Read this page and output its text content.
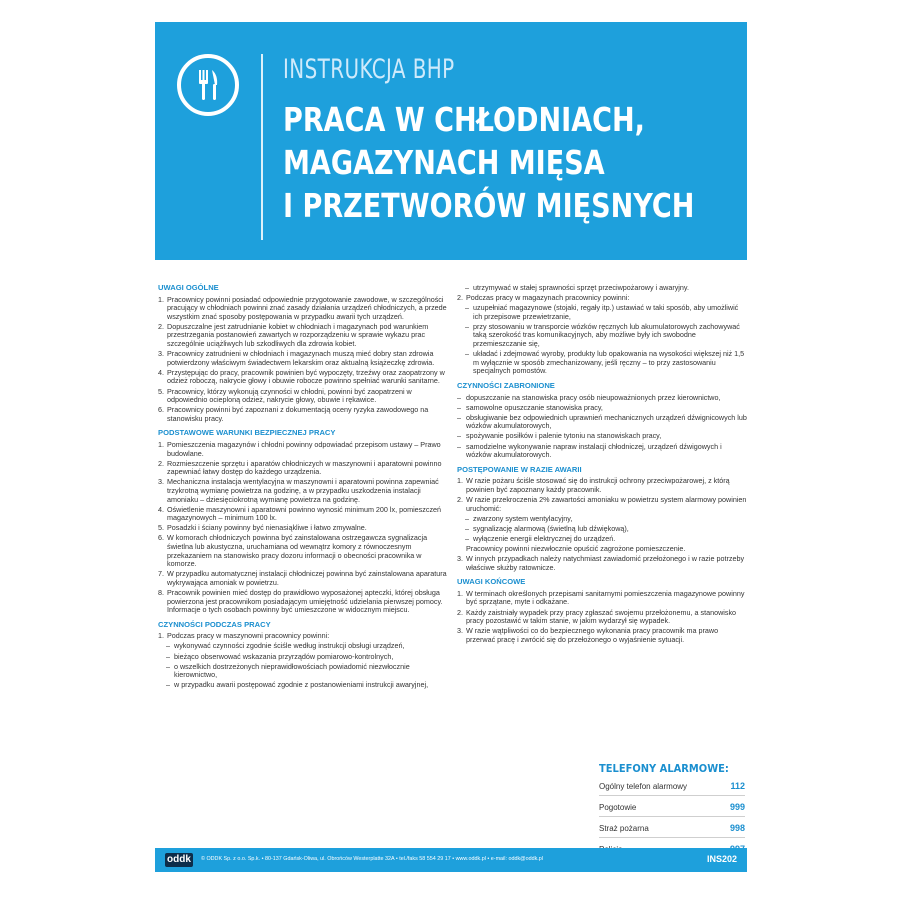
INSTRUKCJA BHP
PRACA W CHŁODNIACH,
MAGAZYNACH MIĘSA
I PRZETWORÓW MIĘSNYCH
UWAGI OGÓLNE
1. Pracownicy powinni posiadać odpowiednie przygotowanie zawodowe, w szczególności pracujący w chłodniach powinni znać zasady działania urządzeń chłodniczych, a przede wszystkim znać sposoby postępowania w przypadku awarii tych urządzeń.
2. Dopuszczalne jest zatrudnianie kobiet w chłodniach i magazynach pod warunkiem przestrzegania postanowień zawartych w rozporządzeniu w sprawie wykazu prac szczególnie uciążliwych lub szkodliwych dla zdrowia kobiet.
3. Pracownicy zatrudnieni w chłodniach i magazynach muszą mieć dobry stan zdrowia potwierdzony właściwym świadectwem lekarskim oraz aktualną książeczkę zdrowia.
4. Przystępując do pracy, pracownik powinien być wypoczęty, trzeźwy oraz zaopatrzony w odzież roboczą, nakrycie głowy i obuwie robocze powinno spełniać warunki sanitarne.
5. Pracownicy, którzy wykonują czynności w chłodni, powinni być zaopatrzeni w odpowiednio ocieploną odzież, nakrycie głowy, obuwie i rękawice.
6. Pracownicy powinni być zapoznani z dokumentacją oceny ryzyka zawodowego na stanowisku pracy.
PODSTAWOWE WARUNKI BEZPIECZNEJ PRACY
1. Pomieszczenia magazynów i chłodni powinny odpowiadać przepisom ustawy – Prawo budowlane.
2. Rozmieszczenie sprzętu i aparatów chłodniczych w maszynowni i aparatowni powinno zapewniać łatwy dostęp do każdego urządzenia.
3. Mechaniczna instalacja wentylacyjna w maszynowni i aparatowni powinna zapewniać trzykrotną wymianę powietrza na godzinę, a w przypadku uszkodzenia instalacji amoniaku – dziesięciokrotną wymianę powietrza na godzinę.
4. Oświetlenie maszynowni i aparatowni powinno wynosić minimum 200 lx, pomieszczeń magazynowych – minimum 100 lx.
5. Posadzki i ściany powinny być nienasiąkliwe i łatwo zmywalne.
6. W komorach chłodniczych powinna być zainstalowana ostrzegawcza sygnalizacja świetlna lub akustyczna, uruchamiana od wewnątrz komory z równoczesnym przekazaniem na stanowisko pracy dozoru informacji o obecności pracownika w komorze.
7. W przypadku automatycznej instalacji chłodniczej powinna być zainstalowana aparatura wykrywająca amoniak w powietrzu.
8. Pracownik powinien mieć dostęp do prawidłowo wyposażonej apteczki, której obsługa powierzona jest pracownikom posiadającym umiejętność udzielania pierwszej pomocy. Informacje o tych osobach powinny być umieszczone w widocznym miejscu.
CZYNNOŚCI PODCZAS PRACY
1. Podczas pracy w maszynowni pracownicy powinni:
– wykonywać czynności zgodnie ściśle według instrukcji obsługi urządzeń,
– bieżąco obserwować wskazania przyrządów pomiarowo-kontrolnych,
– o wszelkich dostrzeżonych nieprawidłowościach powiadomić niezwłocznie kierownictwo,
– w przypadku awarii postępować zgodnie z postanowieniami instrukcji awaryjnej,
– utrzymywać w stałej sprawności sprzęt przeciwpożarowy i awaryjny.
2. Podczas pracy w magazynach pracownicy powinni:
– uzupełniać magazynowe (stojaki, regały itp.) ustawiać w taki sposób, aby umożliwić ich przepisowe przewietrzanie,
– przy stosowaniu w transporcie wózków ręcznych lub akumulatorowych zachowywać taką szerokość tras komunikacyjnych, aby możliwe były ich swobodne przemieszczanie się,
– układać i zdejmować wyroby, produkty lub opakowania na wysokości większej niż 1,5 m wyłącznie w sposób zmechanizowany, jeśli ręczny – to przy zastosowaniu specjalnych pomostów.
CZYNNOŚCI ZABRONIONE
– dopuszczanie na stanowiska pracy osób nieupoważnionych przez kierownictwo,
– samowolne opuszczanie stanowiska pracy,
– obsługiwanie bez odpowiednich uprawnień mechanicznych urządzeń dźwignicowych lub wózków akumulatorowych,
– spożywanie posiłków i palenie tytoniu na stanowiskach pracy,
– samodzielne wykonywanie napraw instalacji chłodniczej, urządzeń dźwigowych i wózków akumulatorowych.
POSTĘPOWANIE W RAZIE AWARII
1. W razie pożaru ściśle stosować się do instrukcji ochrony przeciwpożarowej, z którą powinien być zapoznany każdy pracownik.
2. W razie przekroczenia 2% zawartości amoniaku w powietrzu system alarmowy powinien uruchomić:
– zwarzony system wentylacyjny,
– sygnalizację alarmową (świetlną lub dźwiękową),
– wyłączenie energii elektrycznej do urządzeń.
Pracownicy powinni niezwłocznie opuścić zagrożone pomieszczenie.
3. W innych przypadkach należy natychmiast zawiadomić przełożonego i w razie potrzeby właściwe służby ratownicze.
UWAGI KOŃCOWE
1. W terminach określonych przepisami sanitarnymi pomieszczenia magazynowe powinny być sprzątane, myte i odkażane.
2. Każdy zaistniały wypadek przy pracy zgłaszać swojemu przełożonemu, a stanowisko pracy pozostawić w takim stanie, w jakim wydarzył się wypadek.
3. W razie wątpliwości co do bezpiecznego wykonania pracy pracownik ma prawo przerwać pracę i zwrócić się do przełożonego o wyjaśnienie sytuacji.
TELEFONY ALARMOWE:
Ogólny telefon alarmowy	112
Pogotowie	999
Straż pożarna	998
oddk	© ODDK Sp. z o.o. Sp.k. • 80-137 Gdańsk-Oliwa, ul. Obrońców Westerplatte 32A • tel./faks 58 554 29 17 • www.oddk.pl • e-mail: oddk@oddk.pl	INS202
